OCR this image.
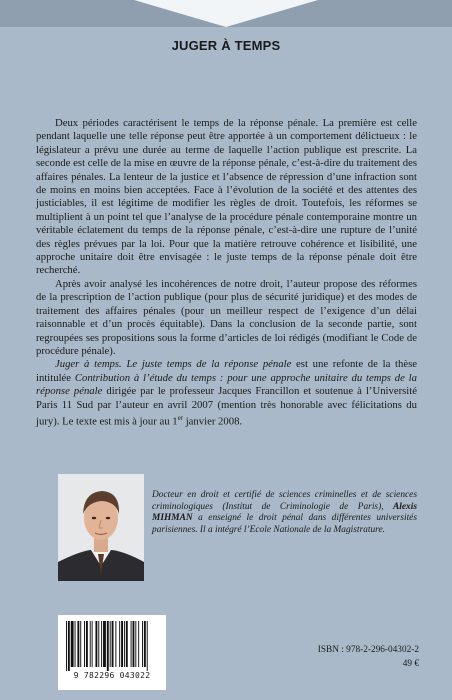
JUGER À TEMPS

Deux périodes caractérisent le temps de la réponse pénale. La première est celle pendant laquelle une telle réponse peut être apportée à un comportement délictueux : le législateur a prévu une durée au terme de laquelle l’action publique est prescrite. La seconde est celle de la mise en œuvre de la réponse pénale, c’est-à-dire du traitement des affaires pénales. La lenteur de la justice et l’absence de répression d’une infraction sont de moins en moins bien acceptées. Face à l’évolution de la société et des attentes des justiciables, il est légitime de modifier les règles de droit. Toutefois, les réformes se multiplient à un point tel que l’analyse de la procédure pénale contemporaine montre un véritable éclatement du temps de la réponse pénale, c’est-à-dire une rupture de l’unité des règles prévues par la loi. Pour que la matière retrouve cohérence et lisibilité, une approche unitaire doit être envisagée : le juste temps de la réponse pénale doit être recherché.

Après avoir analysé les incohérences de notre droit, l’auteur propose des réformes de la prescription de l’action publique (pour plus de sécurité juridique) et des modes de traitement des affaires pénales (pour un meilleur respect de l’exigence d’un délai raisonnable et d’un procès équitable). Dans la conclusion de la seconde partie, sont regroupées ses propositions sous la forme d’articles de loi rédigés (modifiant le Code de procédure pénale).

Juger à temps. Le juste temps de la réponse pénale est une refonte de la thèse intitulée Contribution à l’étude du temps : pour une approche unitaire du temps de la réponse pénale dirigée par le professeur Jacques Francillon et soutenue à l’Université Paris 11 Sud par l’auteur en avril 2007 (mention très honorable avec félicitations du jury). Le texte est mis à jour au 1er janvier 2008.

Docteur en droit et certifié de sciences criminelles et de sciences criminologiques (Institut de Criminologie de Paris), Alexis MIHMAN a enseigné le droit pénal dans différentes universités parisiennes. Il a intégré l’Ecole Nationale de la Magistrature.
9 782296 043022
ISBN : 978-2-296-04302-2
49 €
